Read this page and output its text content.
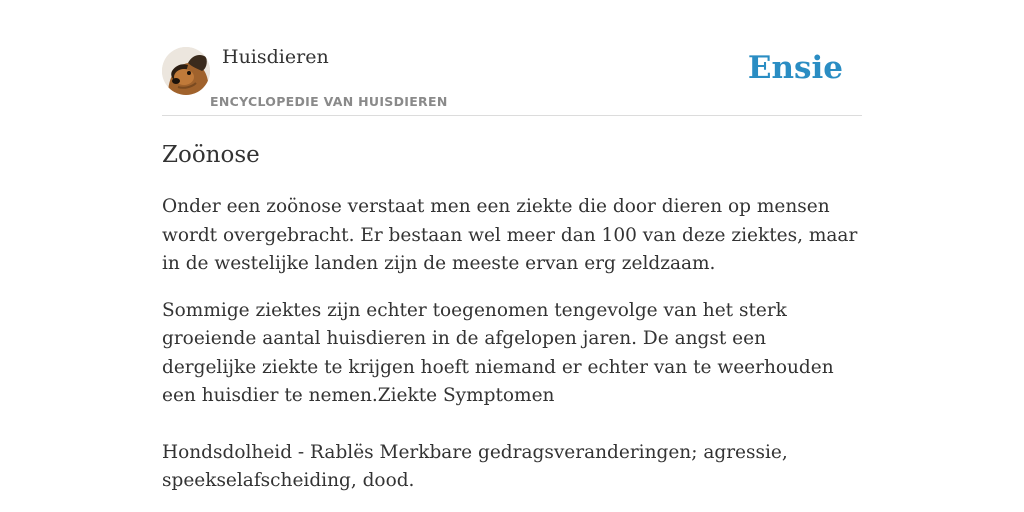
Huisdieren
ENCYCLOPEDIE VAN HUISDIEREN
Ensie
Zoönose

Onder een zoönose verstaat men een ziekte die door dieren op mensen wordt overgebracht. Er bestaan wel meer dan 100 van deze ziektes, maar in de westelijke landen zijn de meeste ervan erg zeldzaam.

Sommige ziektes zijn echter toegenomen tengevolge van het sterk groeiende aantal huisdieren in de afgelopen jaren. De angst een dergelijke ziekte te krijgen hoeft niemand er echter van te weerhouden een huisdier te nemen.Ziekte Symptomen

Hondsdolheid - Rablës Merkbare gedragsveranderingen; agressie, speekselafscheiding, dood.
